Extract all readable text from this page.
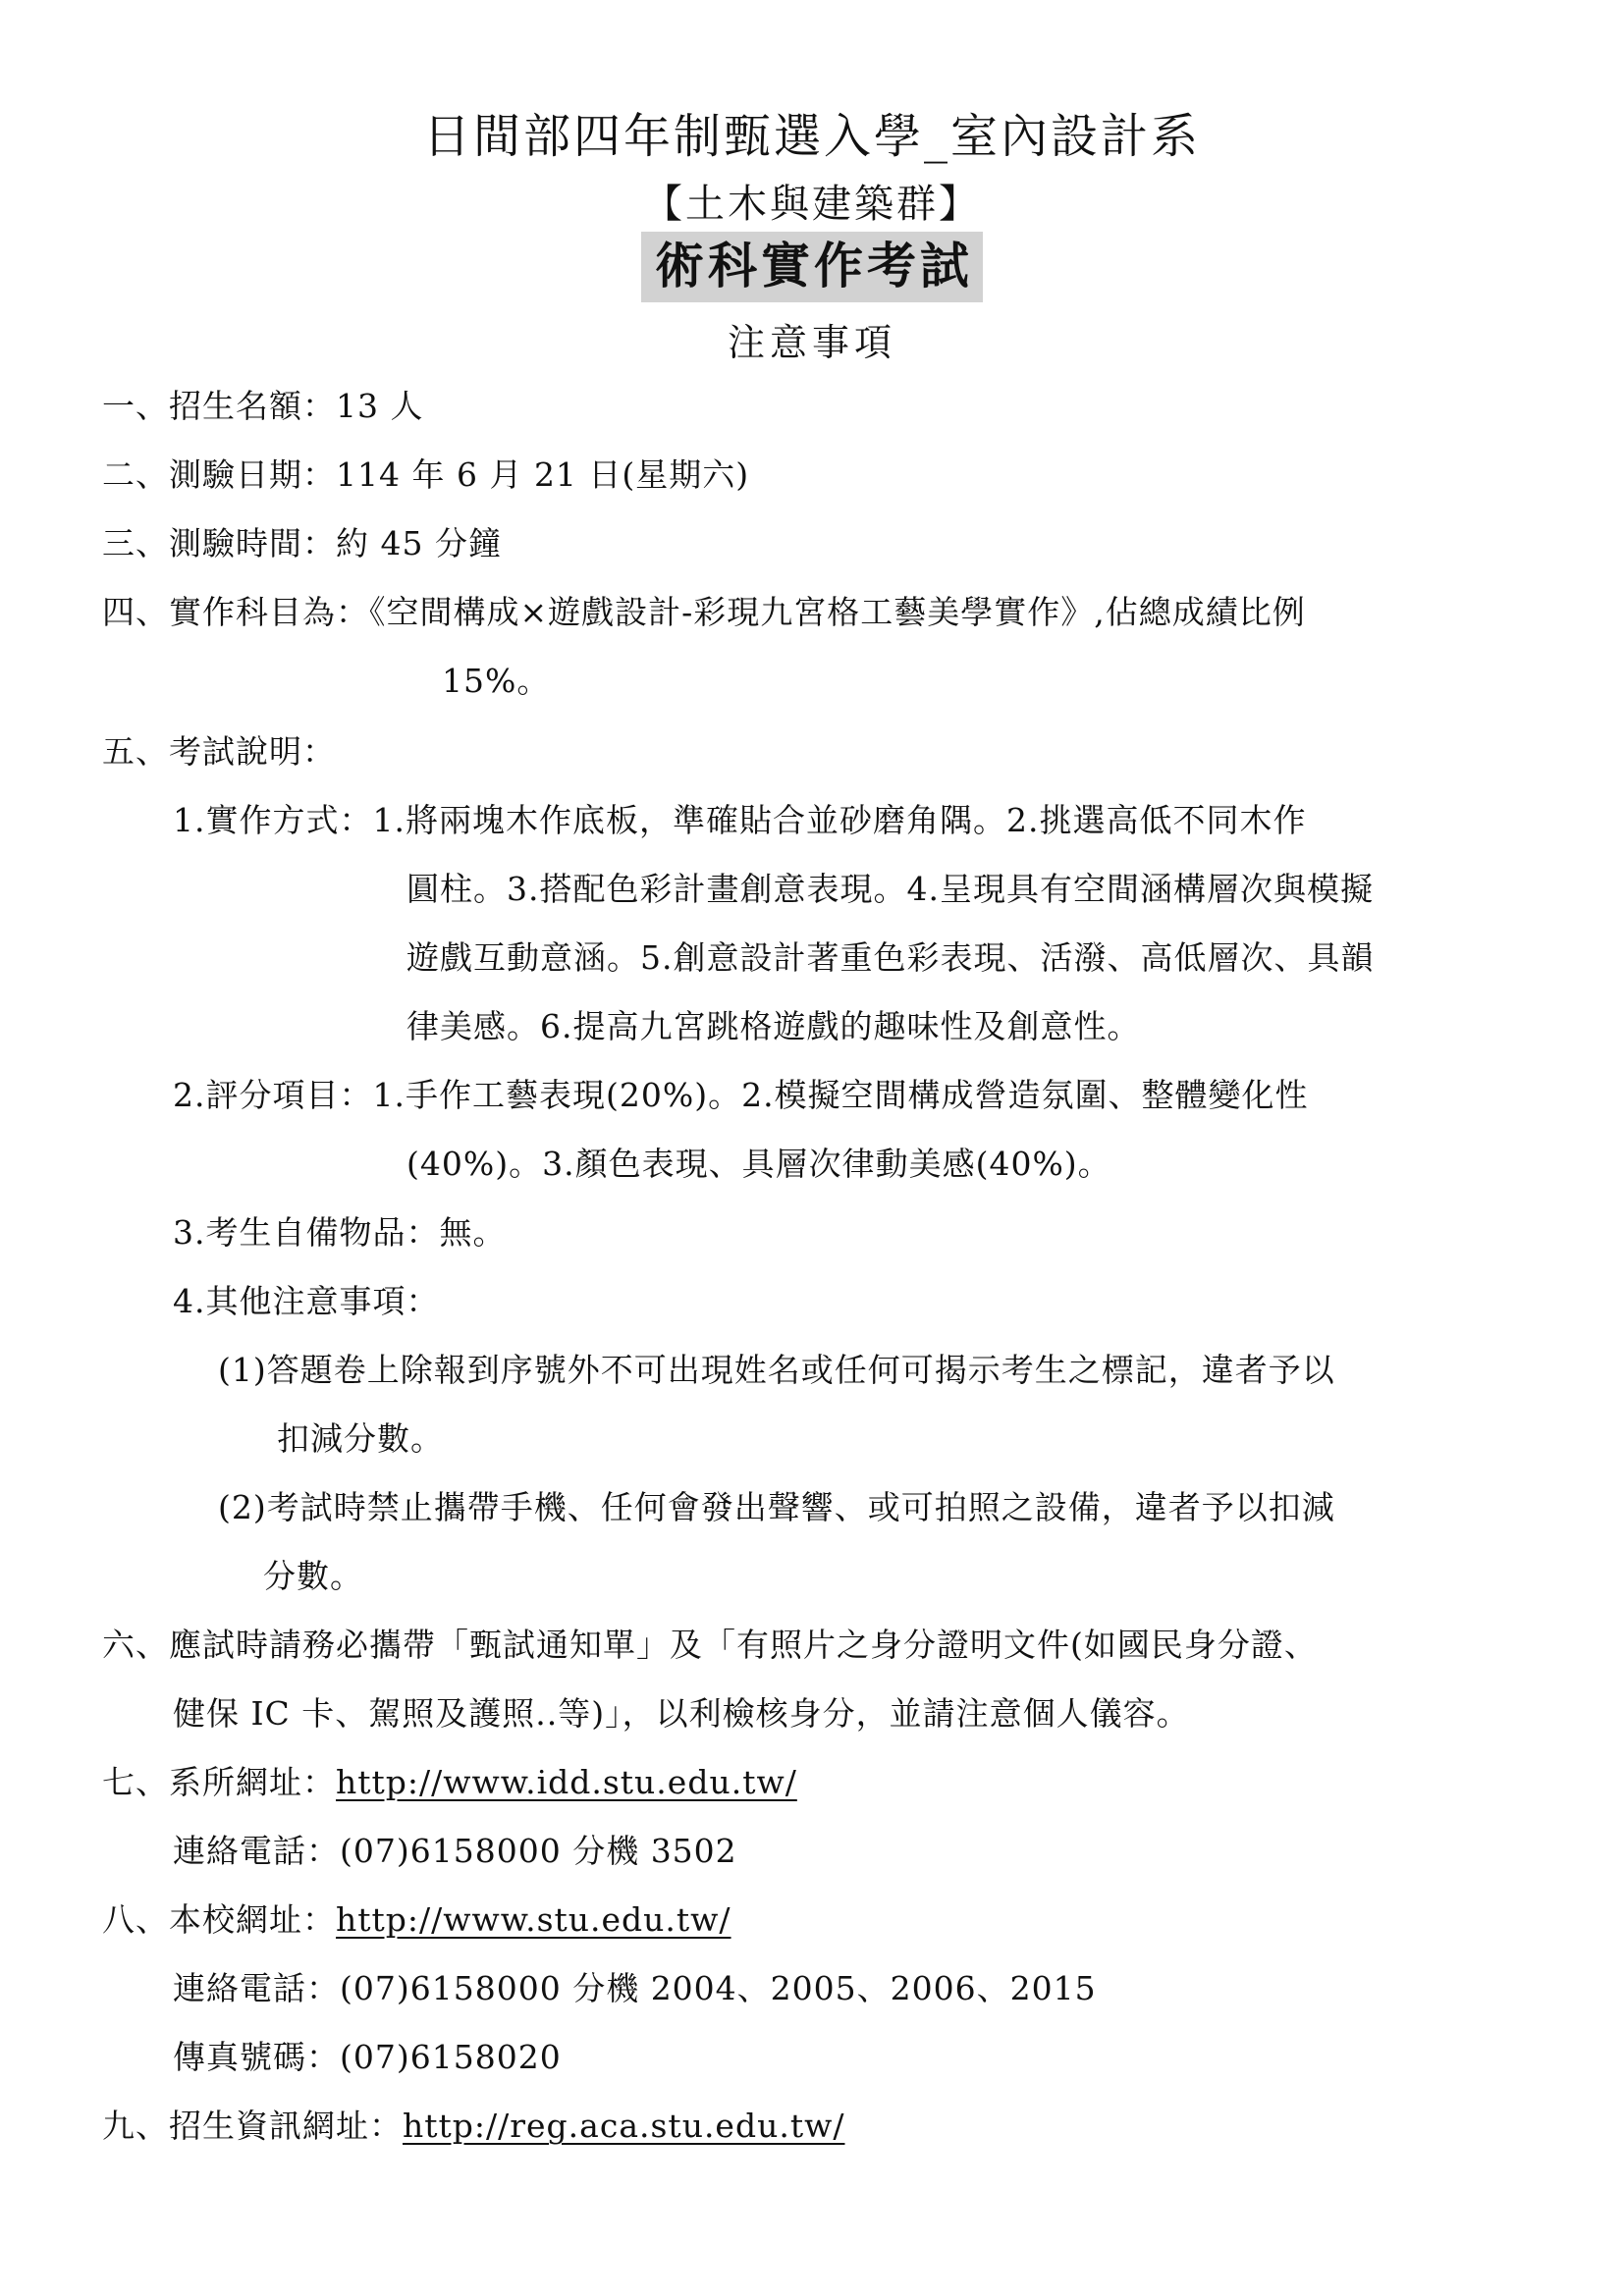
日間部四年制甄選入學_室內設計系
【土木與建築群】
術科實作考試
注意事項
一、招生名額：13 人
二、測驗日期：114 年 6 月 21 日(星期六)
三、測驗時間：約 45 分鐘
四、實作科目為：《空間構成×遊戲設計-彩現九宮格工藝美學實作》,佔總成績比例
15%。
五、考試說明：
1.實作方式：1.將兩塊木作底板，準確貼合並砂磨角隅。2.挑選高低不同木作
圓柱。3.搭配色彩計畫創意表現。4.呈現具有空間涵構層次與模擬
遊戲互動意涵。5.創意設計著重色彩表現、活潑、高低層次、具韻
律美感。6.提高九宮跳格遊戲的趣味性及創意性。
2.評分項目：1.手作工藝表現(20%)。2.模擬空間構成營造氛圍、整體變化性
(40%)。3.顏色表現、具層次律動美感(40%)。
3.考生自備物品：無。
4.其他注意事項：
(1)答題卷上除報到序號外不可出現姓名或任何可揭示考生之標記，違者予以
扣減分數。
(2)考試時禁止攜帶手機、任何會發出聲響、或可拍照之設備，違者予以扣減
分數。
六、應試時請務必攜帶「甄試通知單」及「有照片之身分證明文件(如國民身分證、
健保 IC 卡、駕照及護照..等)」，以利檢核身分，並請注意個人儀容。
七、系所網址：http://www.idd.stu.edu.tw/
連絡電話：(07)6158000 分機 3502
八、本校網址：http://www.stu.edu.tw/
連絡電話：(07)6158000 分機 2004、2005、2006、2015
傳真號碼：(07)6158020
九、招生資訊網址：http://reg.aca.stu.edu.tw/
